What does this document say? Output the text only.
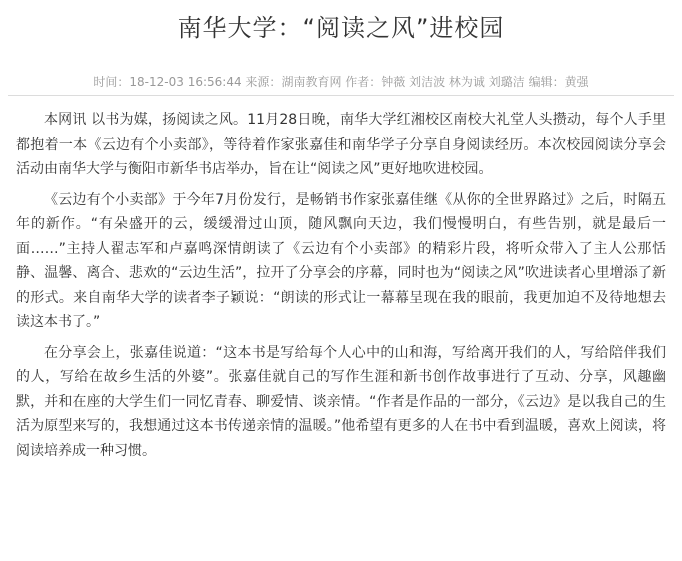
南华大学：“阅读之风”进校园
时间：18-12-03 16:56:44 来源：湖南教育网 作者：钟薇 刘洁波 林为诚 刘璐洁 编辑：黄强

本网讯 以书为媒，扬阅读之风。11月28日晚，南华大学红湘校区南校大礼堂人头攒动，每个人手里都抱着一本《云边有个小卖部》，等待着作家张嘉佳和南华学子分享自身阅读经历。本次校园阅读分享会活动由南华大学与衡阳市新华书店举办，旨在让“阅读之风”更好地吹进校园。

《云边有个小卖部》于今年7月份发行，是畅销书作家张嘉佳继《从你的全世界路过》之后，时隔五年的新作。“有朵盛开的云，缓缓滑过山顶，随风飘向天边，我们慢慢明白，有些告别，就是最后一面……”主持人翟志军和卢嘉鸣深情朗读了《云边有个小卖部》的精彩片段，将听众带入了主人公那恬静、温馨、离合、悲欢的“云边生活”，拉开了分享会的序幕，同时也为“阅读之风”吹进读者心里增添了新的形式。来自南华大学的读者李子颖说：“朗读的形式让一幕幕呈现在我的眼前，我更加迫不及待地想去读这本书了。”

在分享会上，张嘉佳说道：“这本书是写给每个人心中的山和海，写给离开我们的人，写给陪伴我们的人，写给在故乡生活的外婆”。张嘉佳就自己的写作生涯和新书创作故事进行了互动、分享，风趣幽默，并和在座的大学生们一同忆青春、聊爱情、谈亲情。“作者是作品的一部分，《云边》是以我自己的生活为原型来写的，我想通过这本书传递亲情的温暖。”他希望有更多的人在书中看到温暖，喜欢上阅读，将阅读培养成一种习惯。
